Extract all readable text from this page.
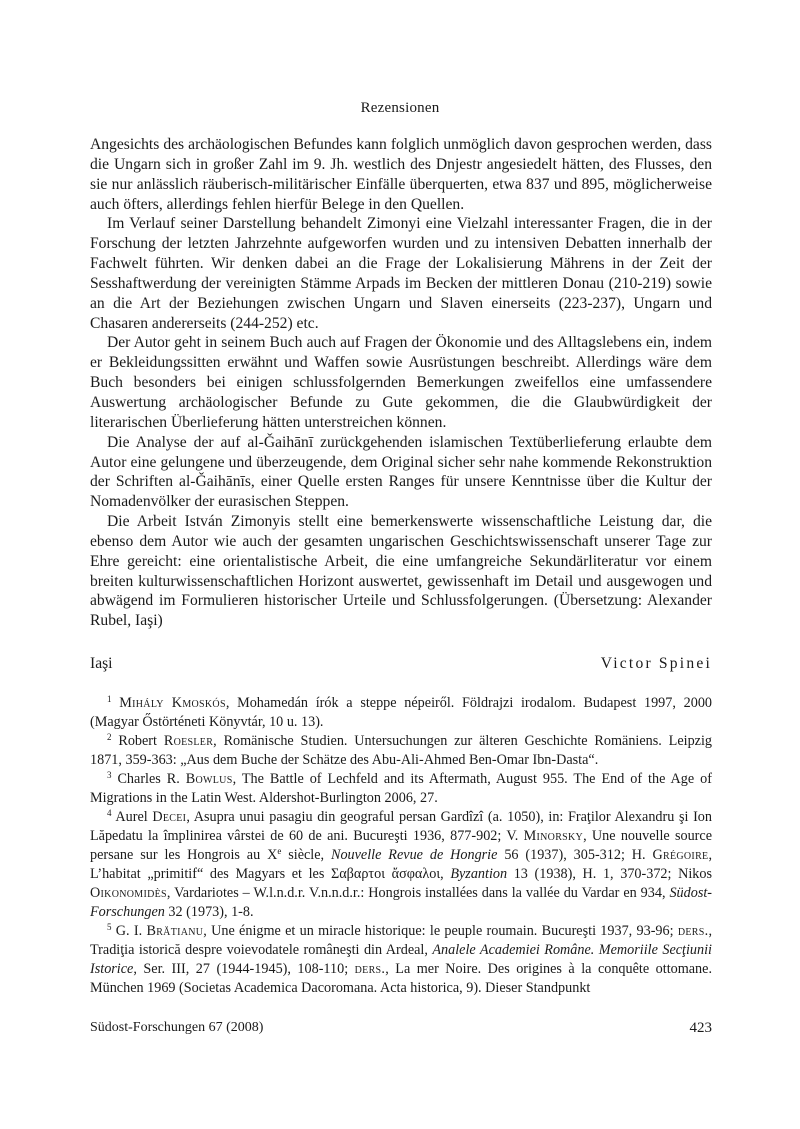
Rezensionen

Angesichts des archäologischen Befundes kann folglich unmöglich davon gesprochen werden, dass die Ungarn sich in großer Zahl im 9. Jh. westlich des Dnjestr angesiedelt hätten, des Flusses, den sie nur anlässlich räuberisch-militärischer Einfälle überquerten, etwa 837 und 895, möglicherweise auch öfters, allerdings fehlen hierfür Belege in den Quellen.

Im Verlauf seiner Darstellung behandelt Zimonyi eine Vielzahl interessanter Fragen, die in der Forschung der letzten Jahrzehnte aufgeworfen wurden und zu intensiven Debatten innerhalb der Fachwelt führten. Wir denken dabei an die Frage der Lokalisierung Mährens in der Zeit der Sesshaftwerdung der vereinigten Stämme Arpads im Becken der mittleren Donau (210-219) sowie an die Art der Beziehungen zwischen Ungarn und Slaven einerseits (223-237), Ungarn und Chasaren andererseits (244-252) etc.

Der Autor geht in seinem Buch auch auf Fragen der Ökonomie und des Alltagslebens ein, indem er Bekleidungssitten erwähnt und Waffen sowie Ausrüstungen beschreibt. Allerdings wäre dem Buch besonders bei einigen schlussfolgernden Bemerkungen zweifellos eine umfassendere Auswertung archäologischer Befunde zu Gute gekommen, die die Glaubwürdigkeit der literarischen Überlieferung hätten unterstreichen können.

Die Analyse der auf al-Ǧaihānī zurückgehenden islamischen Textüberlieferung erlaubte dem Autor eine gelungene und überzeugende, dem Original sicher sehr nahe kommende Rekonstruktion der Schriften al-Ǧaihānīs, einer Quelle ersten Ranges für unsere Kenntnisse über die Kultur der Nomadenvölker der eurasischen Steppen.

Die Arbeit István Zimonyis stellt eine bemerkenswerte wissenschaftliche Leistung dar, die ebenso dem Autor wie auch der gesamten ungarischen Geschichtswissenschaft unserer Tage zur Ehre gereicht: eine orientalistische Arbeit, die eine umfangreiche Sekundärliteratur vor einem breiten kulturwissenschaftlichen Horizont auswertet, gewissenhaft im Detail und ausgewogen und abwägend im Formulieren historischer Urteile und Schlussfolgerungen. (Übersetzung: Alexander Rubel, Iaşi)

Iaşi	Victor Spinei

$^1$ Mihály Kmoskós, Mohamedán írók a steppe népeiről. Földrajzi irodalom. Budapest 1997, 2000 (Magyar Őstörténeti Könyvtár, 10 u. 13).

$^2$ Robert Roesler, Romänische Studien. Untersuchungen zur älteren Geschichte Romäniens. Leipzig 1871, 359-363: „Aus dem Buche der Schätze des Abu-Ali-Ahmed Ben-Omar Ibn-Dasta“.

$^3$ Charles R. Bowlus, The Battle of Lechfeld and its Aftermath, August 955. The End of the Age of Migrations in the Latin West. Aldershot-Burlington 2006, 27.

$^4$ Aurel Decei, Asupra unui pasagiu din geograful persan Gardîzî (a. 1050), in: Fraţilor Alexandru şi Ion Lăpedatu la împlinirea vârstei de 60 de ani. Bucureşti 1936, 877-902; V. Minorsky, Une nouvelle source persane sur les Hongrois au Xe siècle, Nouvelle Revue de Hongrie 56 (1937), 305-312; H. Grégoire, L’habitat „primitif“ des Magyars et les Σαβαρτοι ἄσφαλοι, Byzantion 13 (1938), H. 1, 370-372; Nikos Oikonomidès, Vardariotes – W.l.n.d.r. V.n.n.d.r.: Hongrois installées dans la vallée du Vardar en 934, Südost-Forschungen 32 (1973), 1-8.

$^5$ G. I. Brătianu, Une énigme et un miracle historique: le peuple roumain. Bucureşti 1937, 93-96; ders., Tradiţia istorică despre voievodatele româneşti din Ardeal, Analele Academiei Române. Memoriile Secţiunii Istorice, Ser. III, 27 (1944-1945), 108-110; ders., La mer Noire. Des origines à la conquête ottomane. München 1969 (Societas Academica Dacoromana. Acta historica, 9). Dieser Standpunkt

Südost-Forschungen 67 (2008)	423
